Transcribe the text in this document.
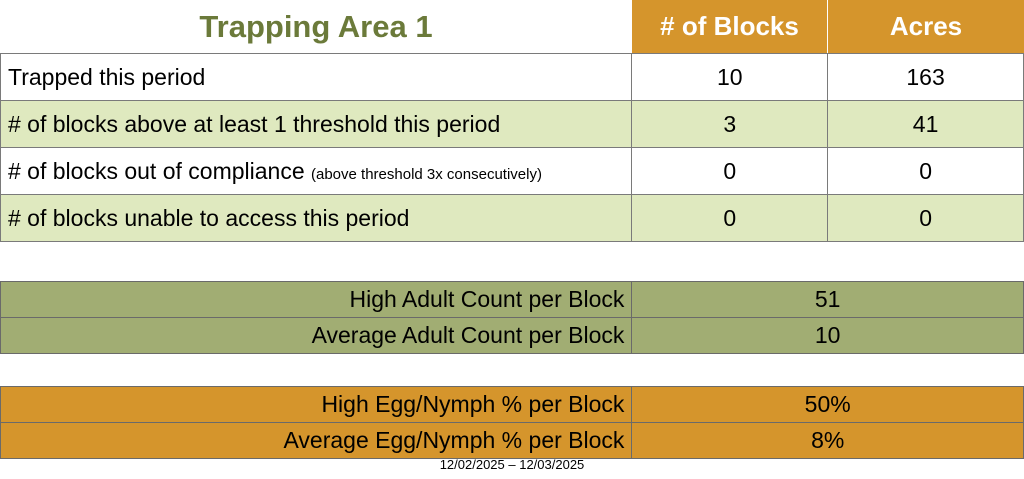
Trapping Area 1	# of Blocks	Acres
Trapped this period	10	163
# of blocks above at least 1 threshold this period	3	41
# of blocks out of compliance (above threshold 3x consecutively)	0	0
# of blocks unable to access this period	0	0
High Adult Count per Block	51
Average Adult Count per Block	10
High Egg/Nymph % per Block	50%
Average Egg/Nymph % per Block	8%
12/02/2025 – 12/03/2025
